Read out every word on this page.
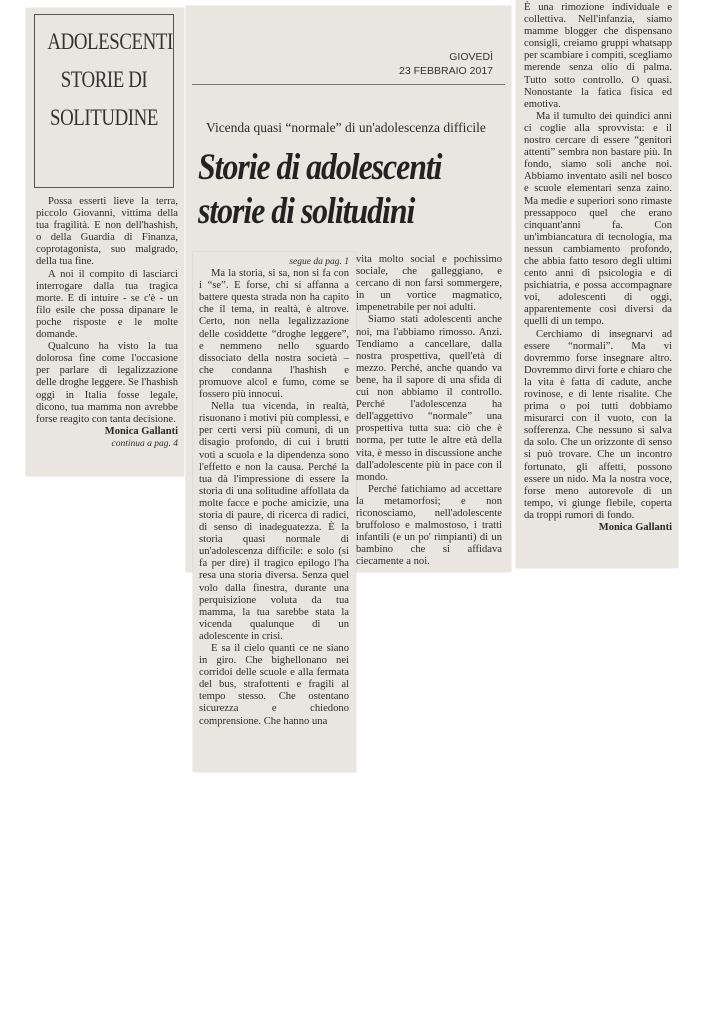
ADOLESCENTI
STORIE DI
SOLITUDINE

Possa esserti lieve la terra, piccolo Giovanni, vittima della tua fragilità. E non dell'hashish, o della Guardia di Finanza, coprotagonista, suo malgrado, della tua fine.

A noi il compito di lasciarci interrogare dalla tua tragica morte. E di intuire - se c'è - un filo esile che possa dipanare le poche risposte e le molte domande.

Qualcuno ha visto la tua dolorosa fine come l'occasione per parlare di legalizzazione delle droghe leggere. Se l'hashish oggi in Italia fosse legale, dicono, tua mamma non avrebbe forse reagito con tanta decisione.

Monica Gallanti

continua a pag. 4

GIOVEDÌ
23 FEBBRAIO 2017
Vicenda quasi “normale” di un'adolescenza difficile
Storie di adolescenti
storie di solitudini

vita molto social e pochissimo sociale, che galleggiano, e cercano di non farsi sommergere, in un vortice magmatico, impenetrabile per noi adulti.

Siamo stati adolescenti anche noi, ma l'abbiamo rimosso. Anzi. Tendiamo a cancellare, dalla nostra prospettiva, quell'età di mezzo. Perché, anche quando va bene, ha il sapore di una sfida di cui non abbiamo il controllo. Perché l'adolescenza ha dell'aggettivo “normale” una prospettiva tutta sua: ciò che è norma, per tutte le altre età della vita, è messo in discussione anche dall'adolescente più in pace con il mondo.

Perché fatichiamo ad accettare la metamorfosi; e non riconosciamo, nell'adolescente bruffoloso e malmostoso, i tratti infantili (e un po' rimpianti) di un bambino che si affidava ciecamente a noi.

segue da pag. 1

Ma la storia, si sa, non si fa con i “se”. E forse, chi si affanna a battere questa strada non ha capito che il tema, in realtà, è altrove. Certo, non nella legalizzazione delle cosiddette “droghe leggere”, e nemmeno nello sguardo dissociato della nostra società – che condanna l'hashish e promuove alcol e fumo, come se fossero più innocui.

Nella tua vicenda, in realtà, risuonano i motivi più complessi, e per certi versi più comuni, di un disagio profondo, di cui i brutti voti a scuola e la dipendenza sono l'effetto e non la causa. Perché la tua dà l'impressione di essere la storia di una solitudine affollata da molte facce e poche amicizie, una storia di paure, di ricerca di radici, di senso di inadeguatezza. È la storia quasi normale di un'adolescenza difficile: e solo (si fa per dire) il tragico epilogo l'ha resa una storia diversa. Senza quel volo dalla finestra, durante una perquisizione voluta da tua mamma, la tua sarebbe stata la vicenda qualunque di un adolescente in crisi.

E sa il cielo quanti ce ne siano in giro. Che bighellonano nei corridoi delle scuole e alla fermata del bus, strafottenti e fragili al tempo stesso. Che ostentano sicurezza e chiedono comprensione. Che hanno una

È una rimozione individuale e collettiva. Nell'infanzia, siamo mamme blogger che dispensano consigli, creiamo gruppi whatsapp per scambiare i compiti, scegliamo merende senza olio di palma. Tutto sotto controllo. O quasi. Nonostante la fatica fisica ed emotiva.

Ma il tumulto dei quindici anni ci coglie alla sprovvista: e il nostro cercare di essere “genitori attenti” sembra non bastare più. In fondo, siamo soli anche noi. Abbiamo inventato asili nel bosco e scuole elementari senza zaino. Ma medie e superiori sono rimaste pressappoco quel che erano cinquant'anni fa. Con un'imbiancatura di tecnologia, ma nessun cambiamento profondo, che abbia fatto tesoro degli ultimi cento anni di psicologia e di psichiatria, e possa accompagnare voi, adolescenti di oggi, apparentemente così diversi da quelli di un tempo.

Cerchiamo di insegnarvi ad essere “normali”. Ma vi dovremmo forse insegnare altro. Dovremmo dirvi forte e chiaro che la vita è fatta di cadute, anche rovinose, e di lente risalite. Che prima o poi tutti dobbiamo misurarci con il vuoto, con la sofferenza. Che nessuno si salva da solo. Che un orizzonte di senso si può trovare. Che un incontro fortunato, gli affetti, possono essere un nido. Ma la nostra voce, forse meno autorevole di un tempo, vi giunge flebile, coperta da troppi rumori di fondo.

Monica Gallanti
